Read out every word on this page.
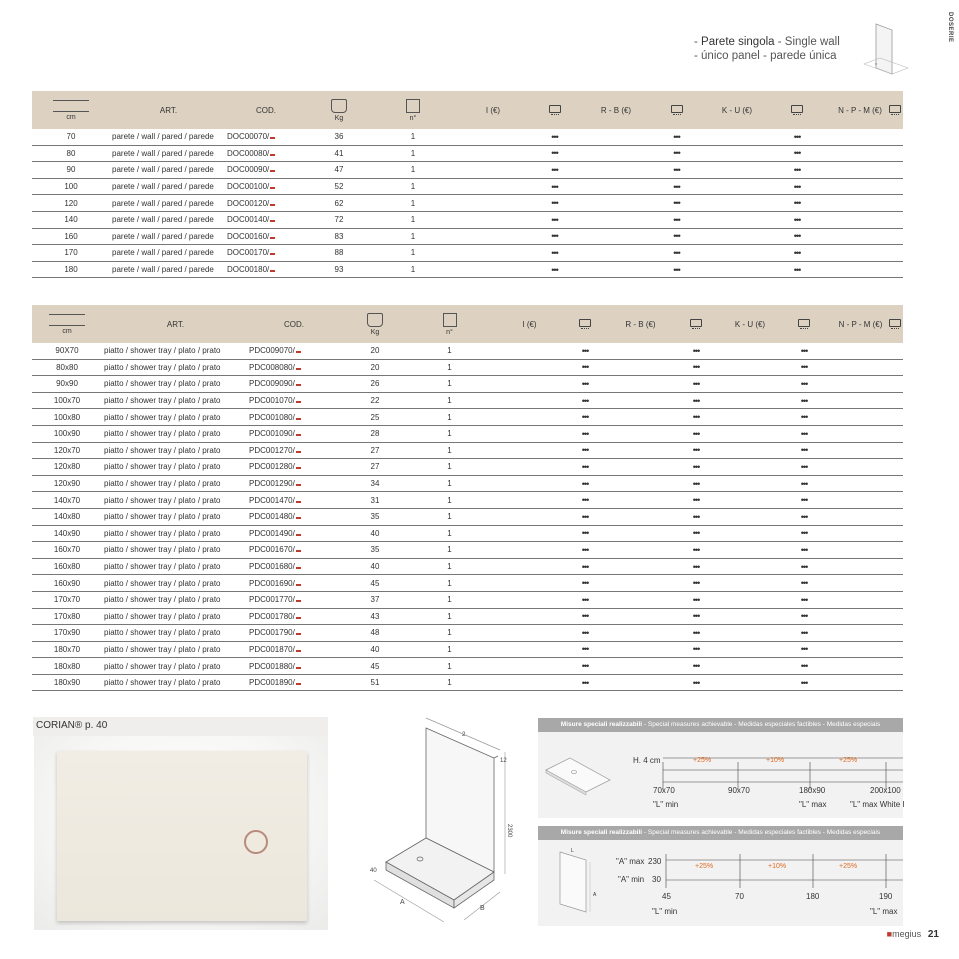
DOSERIE
- Parete singola - Single wall
- único panel - parede única
cm	ART.	COD.	Kg	n°	I (€)		R - B (€)		K - U (€)		N - P - M (€)	

70	parete / wall / pared / parede	DOC00070/	36	1		•••		•••		•••		

80	parete / wall / pared / parede	DOC00080/	41	1		•••		•••		•••		

90	parete / wall / pared / parede	DOC00090/	47	1		•••		•••		•••		

100	parete / wall / pared / parede	DOC00100/	52	1		•••		•••		•••		

120	parete / wall / pared / parede	DOC00120/	62	1		•••		•••		•••		

140	parete / wall / pared / parede	DOC00140/	72	1		•••		•••		•••		

160	parete / wall / pared / parede	DOC00160/	83	1		•••		•••		•••		

170	parete / wall / pared / parede	DOC00170/	88	1		•••		•••		•••		

180	parete / wall / pared / parede	DOC00180/	93	1		•••		•••		•••		
cm	ART.	COD.	Kg	n°	I (€)		R - B (€)		K - U (€)		N - P - M (€)	

90X70	piatto / shower tray / plato / prato	PDC009070/	20	1		•••		•••		•••		

80x80	piatto / shower tray / plato / prato	PDC008080/	20	1		•••		•••		•••		

90x90	piatto / shower tray / plato / prato	PDC009090/	26	1		•••		•••		•••		

100x70	piatto / shower tray / plato / prato	PDC001070/	22	1		•••		•••		•••		

100x80	piatto / shower tray / plato / prato	PDC001080/	25	1		•••		•••		•••		

100x90	piatto / shower tray / plato / prato	PDC001090/	28	1		•••		•••		•••		

120x70	piatto / shower tray / plato / prato	PDC001270/	27	1		•••		•••		•••		

120x80	piatto / shower tray / plato / prato	PDC001280/	27	1		•••		•••		•••		

120x90	piatto / shower tray / plato / prato	PDC001290/	34	1		•••		•••		•••		

140x70	piatto / shower tray / plato / prato	PDC001470/	31	1		•••		•••		•••		

140x80	piatto / shower tray / plato / prato	PDC001480/	35	1		•••		•••		•••		

140x90	piatto / shower tray / plato / prato	PDC001490/	40	1		•••		•••		•••		

160x70	piatto / shower tray / plato / prato	PDC001670/	35	1		•••		•••		•••		

160x80	piatto / shower tray / plato / prato	PDC001680/	40	1		•••		•••		•••		

160x90	piatto / shower tray / plato / prato	PDC001690/	45	1		•••		•••		•••		

170x70	piatto / shower tray / plato / prato	PDC001770/	37	1		•••		•••		•••		

170x80	piatto / shower tray / plato / prato	PDC001780/	43	1		•••		•••		•••		

170x90	piatto / shower tray / plato / prato	PDC001790/	48	1		•••		•••		•••		

180x70	piatto / shower tray / plato / prato	PDC001870/	40	1		•••		•••		•••		

180x80	piatto / shower tray / plato / prato	PDC001880/	45	1		•••		•••		•••		

180x90	piatto / shower tray / plato / prato	PDC001890/	51	1		•••		•••		•••		
CORIAN® p. 40
2
12
2300
40
A
B
Misure speciali realizzabili - Special measures achievable - Medidas especiales factibles - Medidas especiais
H. 4 cm	+25%	+10%	+25%
70x70	90x70	180x90	200x100
"L" min	"L" max	"L" max White I
Misure speciali realizzabili - Special measures achievable - Medidas especiales factibles - Medidas especiais
L
A
"A" max 230
"A" min 30
+25%	+10%	+25%
45	70	180	190
"L" min	"L" max
■megius 21
